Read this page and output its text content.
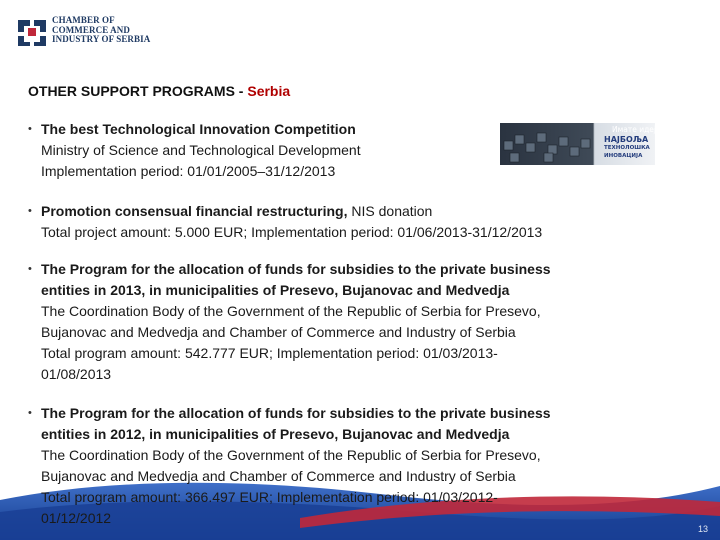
CHAMBER OF
COMMERCE AND
INDUSTRY OF SERBIA
OTHER SUPPORT PROGRAMS - Serbia
Имате идеју?
НАЈБОЉА
ТЕХНОЛОШКА
ИНОВАЦИЈА
• The best Technological Innovation Competition
Ministry of Science and Technological Development
Implementation period: 01/01/2005–31/12/2013
• Promotion consensual financial restructuring, NIS donation
Total project amount: 5.000 EUR; Implementation period: 01/06/2013-31/12/2013
• The Program for the allocation of funds for subsidies to the private business
entities in 2013, in municipalities of Presevo, Bujanovac and Medvedja
The Coordination Body of the Government of the Republic of Serbia for Presevo,
Bujanovac and Medvedja and Chamber of Commerce and Industry of Serbia
Total program amount: 542.777 EUR; Implementation period: 01/03/2013-
01/08/2013
• The Program for the allocation of funds for subsidies to the private business
entities in 2012, in municipalities of Presevo, Bujanovac and Medvedja
The Coordination Body of the Government of the Republic of Serbia for Presevo,
Bujanovac and Medvedja and Chamber of Commerce and Industry of Serbia
Total program amount: 366.497 EUR; Implementation period: 01/03/2012-
01/12/2012
13
